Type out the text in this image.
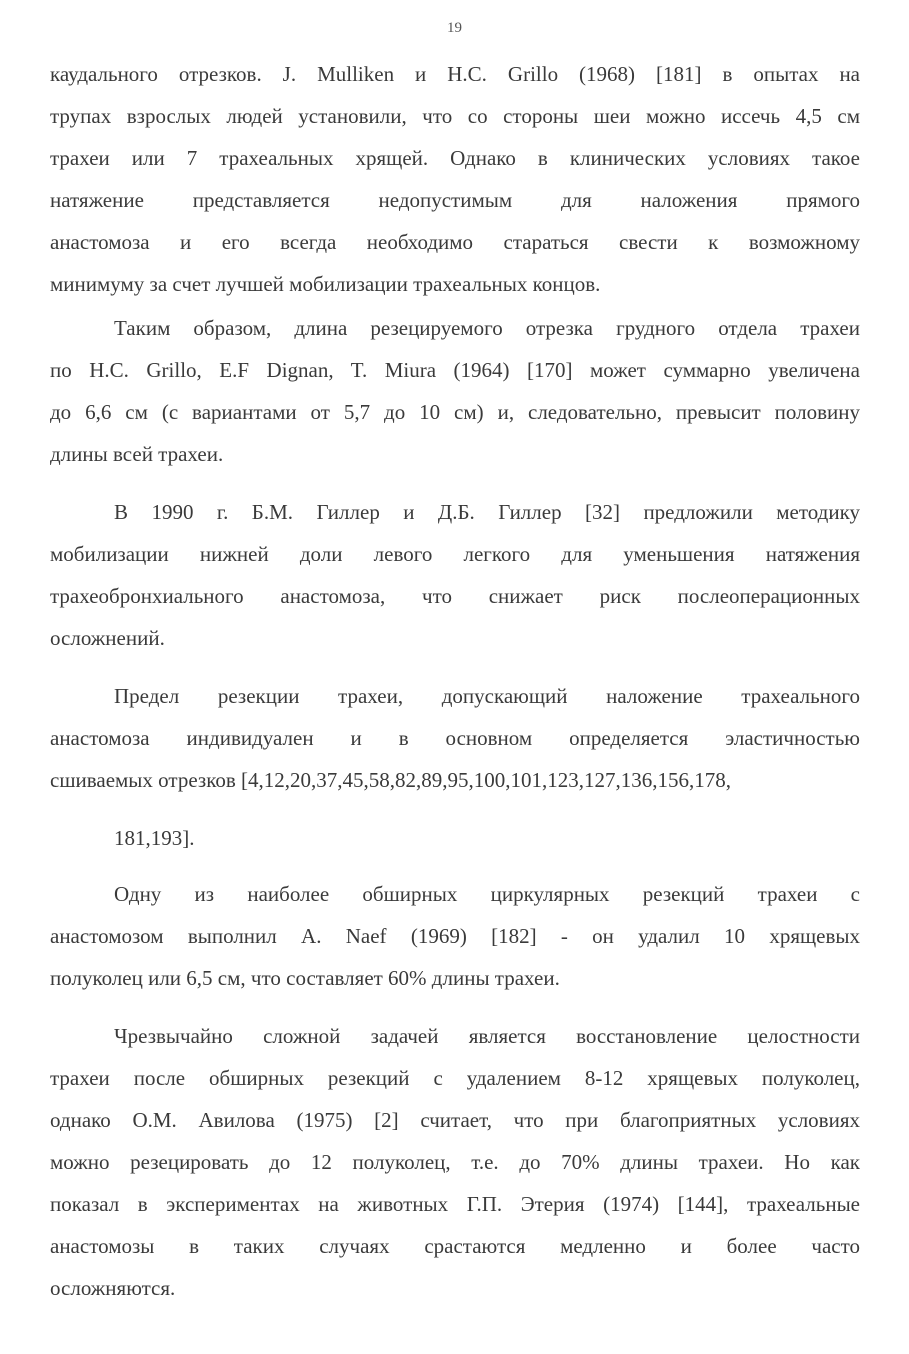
19
каудального отрезков. J. Mulliken и H.C. Grillo (1968) [181] в опытах на
трупах взрослых людей установили, что со стороны шеи можно иссечь 4,5 см
трахеи или 7 трахеальных хрящей. Однако в клинических условиях такое
натяжение представляется недопустимым для наложения прямого
анастомоза и его всегда необходимо стараться свести к возможному
минимуму за счет лучшей мобилизации трахеальных концов.
Таким образом, длина резецируемого отрезка грудного отдела трахеи
по H.C. Grillo, E.F Dignan, T. Miura (1964) [170] может суммарно увеличена
до 6,6 см (с вариантами от 5,7 до 10 см) и, следовательно, превысит половину
длины всей трахеи.
В 1990 г. Б.М. Гиллер и Д.Б. Гиллер [32] предложили методику
мобилизации нижней доли левого легкого для уменьшения натяжения
трахеобронхиального анастомоза, что снижает риск послеоперационных
осложнений.
Предел резекции трахеи, допускающий наложение трахеального
анастомоза индивидуален и в основном определяется эластичностью
сшиваемых отрезков [4,12,20,37,45,58,82,89,95,100,101,123,127,136,156,178,
181,193].
Одну из наиболее обширных циркулярных резекций трахеи с
анастомозом выполнил A. Naef (1969) [182] - он удалил 10 хрящевых
полуколец или 6,5 см, что составляет 60% длины трахеи.
Чрезвычайно сложной задачей является восстановление целостности
трахеи после обширных резекций с удалением 8-12 хрящевых полуколец,
однако О.М. Авилова (1975) [2] считает, что при благоприятных условиях
можно резецировать до 12 полуколец, т.е. до 70% длины трахеи. Но как
показал в экспериментах на животных Г.П. Этерия (1974) [144], трахеальные
анастомозы в таких случаях срастаются медленно и более часто
осложняются.
